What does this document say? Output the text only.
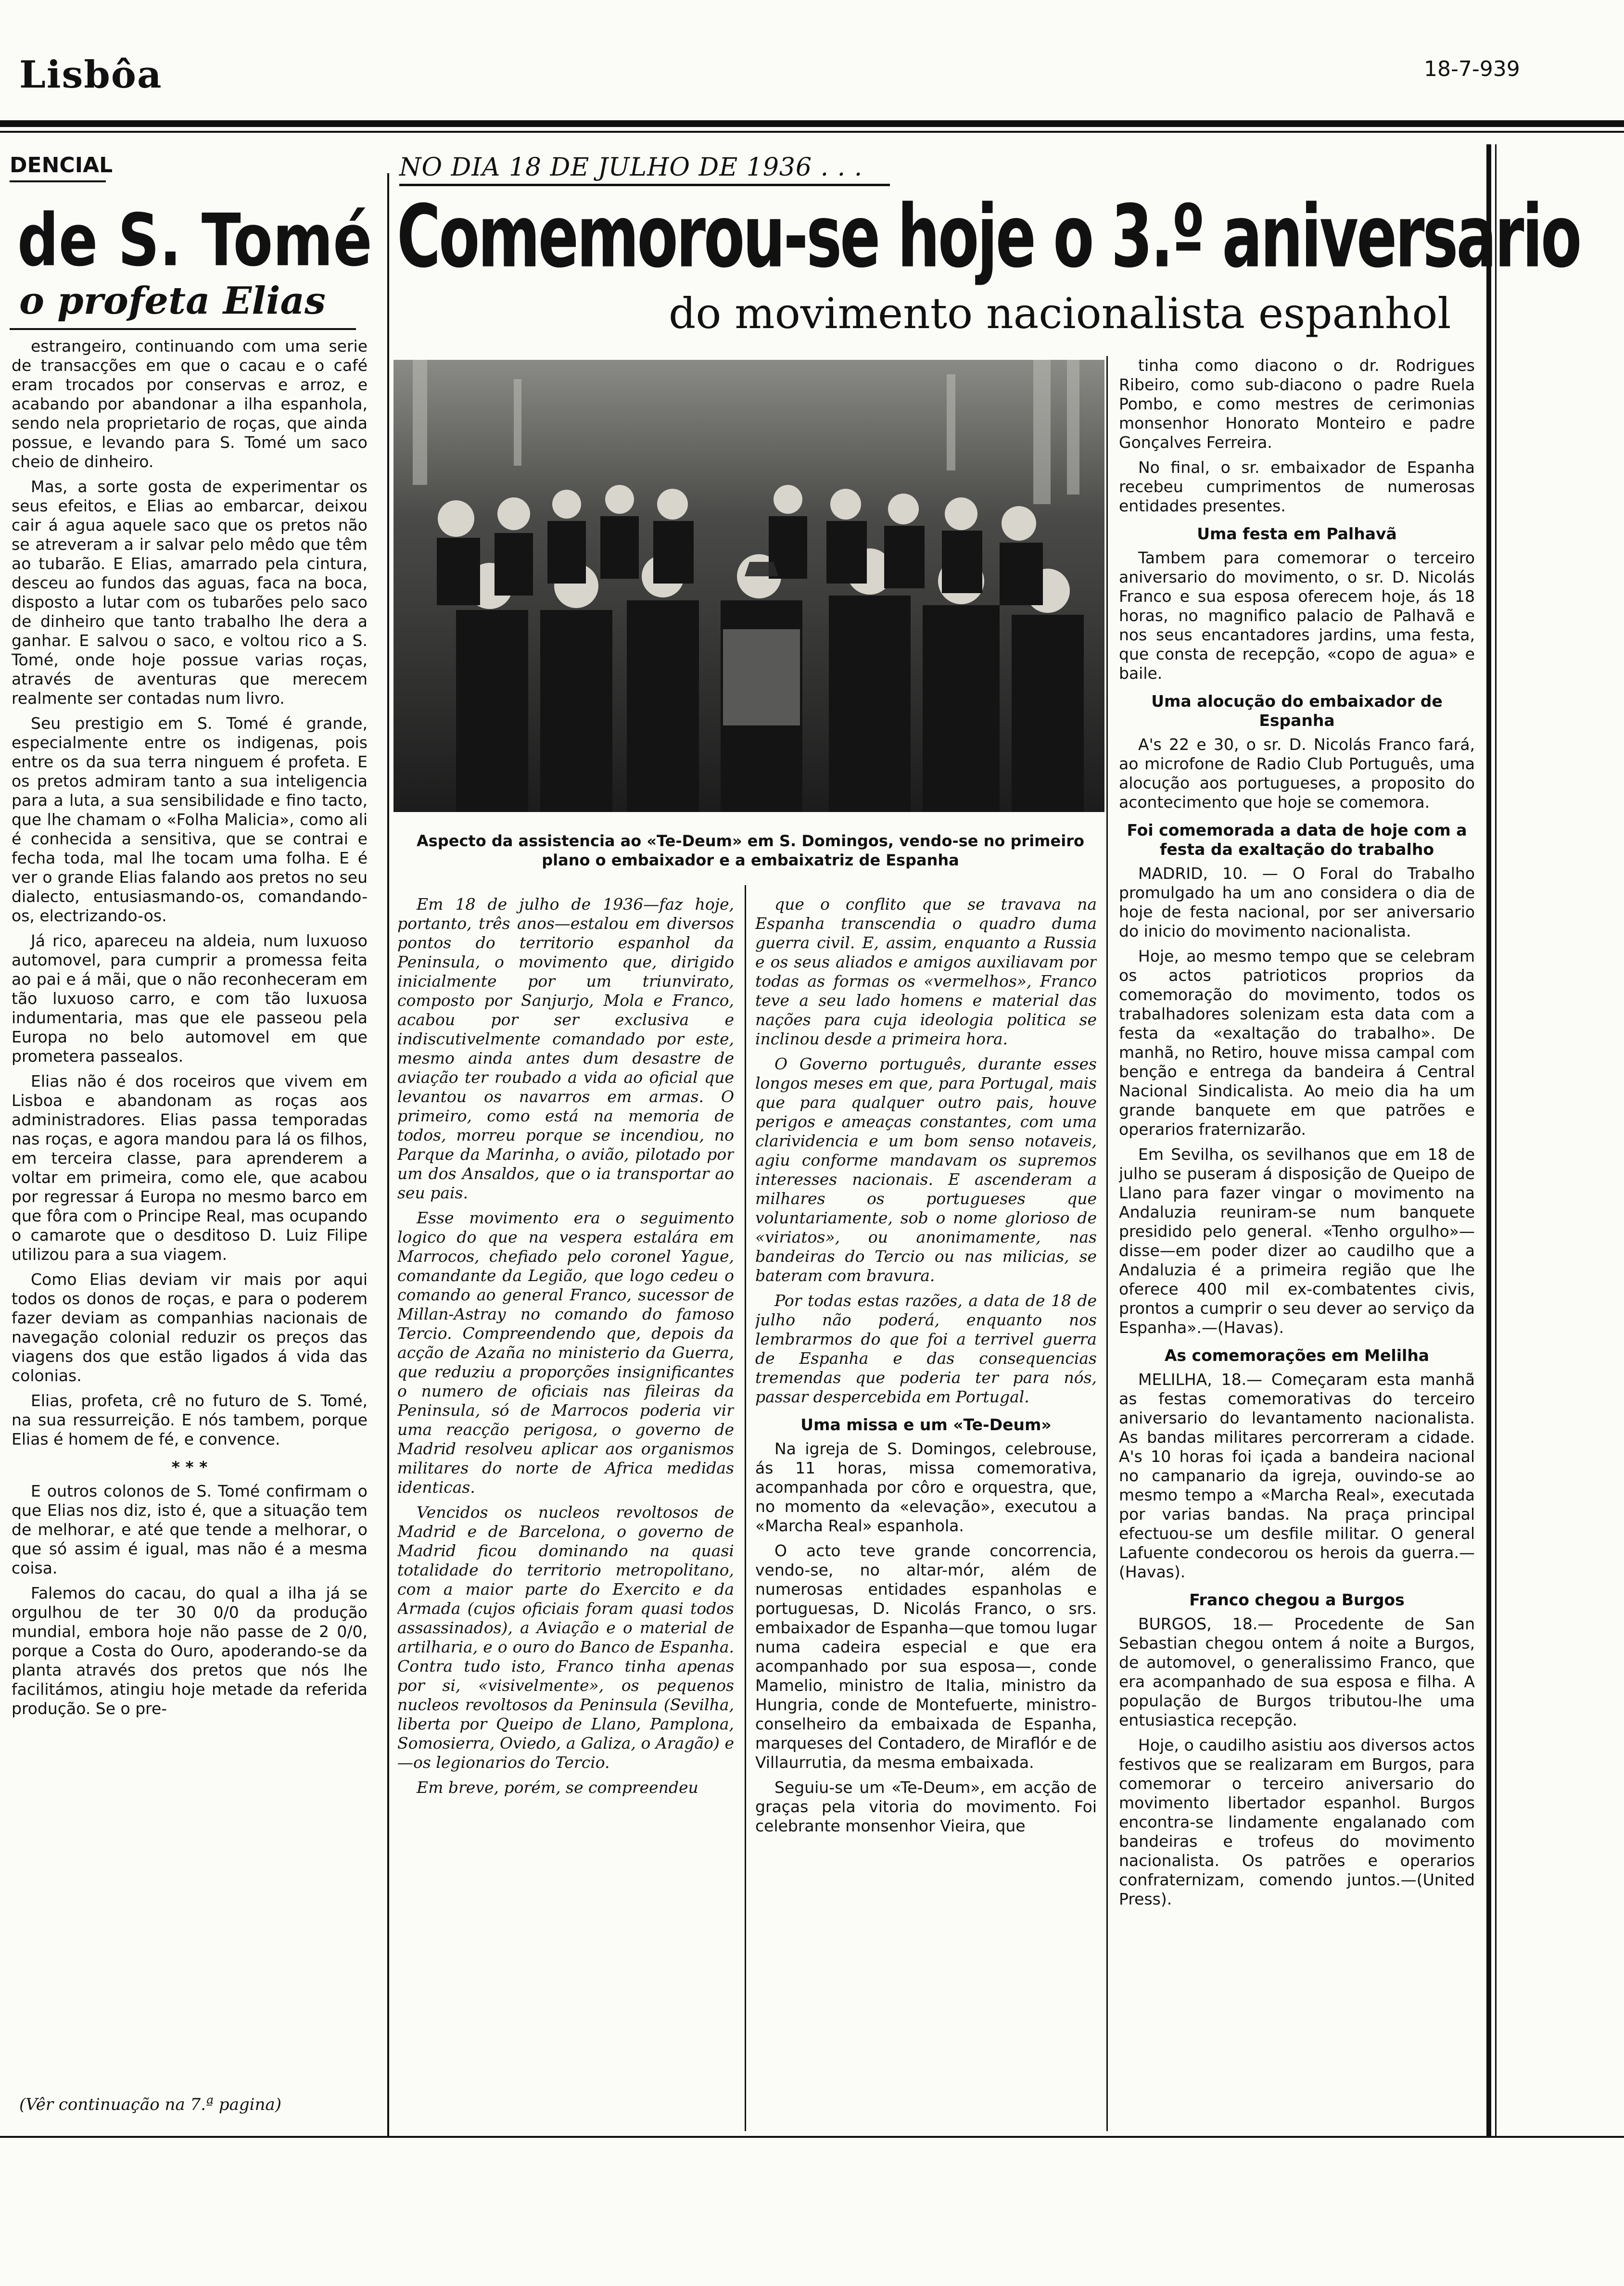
Lisbôa	18-7-939
DENCIAL
de S. Tomé
o profeta Elias

estrangeiro, continuando com uma serie de transacções em que o cacau e o café eram trocados por conservas e arroz, e acabando por abandonar a ilha espanhola, sendo nela proprietario de roças, que ainda possue, e levando para S. Tomé um saco cheio de dinheiro.

Mas, a sorte gosta de experimentar os seus efeitos, e Elias ao embarcar, deixou cair á agua aquele saco que os pretos não se atreveram a ir salvar pelo mêdo que têm ao tubarão. E Elias, amarrado pela cintura, desceu ao fundos das aguas, faca na boca, disposto a lutar com os tubarões pelo saco de dinheiro que tanto trabalho lhe dera a ganhar. E salvou o saco, e voltou rico a S. Tomé, onde hoje possue varias roças, através de aventuras que merecem realmente ser contadas num livro.

Seu prestigio em S. Tomé é grande, especialmente entre os indigenas, pois entre os da sua terra ninguem é profeta. E os pretos admiram tanto a sua inteligencia para a luta, a sua sensibilidade e fino tacto, que lhe chamam o «Folha Malicia», como ali é conhecida a sensitiva, que se contrai e fecha toda, mal lhe tocam uma folha. E é ver o grande Elias falando aos pretos no seu dialecto, entusiasmando-os, comandando-os, electrizando-os.

Já rico, apareceu na aldeia, num luxuoso automovel, para cumprir a promessa feita ao pai e á mãi, que o não reconheceram em tão luxuoso carro, e com tão luxuosa indumentaria, mas que ele passeou pela Europa no belo automovel em que prometera passealos.

Elias não é dos roceiros que vivem em Lisboa e abandonam as roças aos administradores. Elias passa temporadas nas roças, e agora mandou para lá os filhos, em terceira classe, para aprenderem a voltar em primeira, como ele, que acabou por regressar á Europa no mesmo barco em que fôra com o Principe Real, mas ocupando o camarote que o desditoso D. Luiz Filipe utilizou para a sua viagem.

Como Elias deviam vir mais por aqui todos os donos de roças, e para o poderem fazer deviam as companhias nacionais de navegação colonial reduzir os preços das viagens dos que estão ligados á vida das colonias.

Elias, profeta, crê no futuro de S. Tomé, na sua ressurreição. E nós tambem, porque Elias é homem de fé, e convence.

* * *

E outros colonos de S. Tomé confirmam o que Elias nos diz, isto é, que a situação tem de melhorar, e até que tende a melhorar, o que só assim é igual, mas não é a mesma coisa.

Falemos do cacau, do qual a ilha já se orgulhou de ter 30 0/0 da produção mundial, embora hoje não passe de 2 0/0, porque a Costa do Ouro, apoderando-se da planta através dos pretos que nós lhe facilitámos, atingiu hoje metade da referida produção. Se o pre-

(Vêr continuação na 7.ª pagina)
NO DIA 18 DE JULHO DE 1936 . . .
Comemorou-se hoje o 3.º aniversario
do movimento nacionalista espanhol
Aspecto da assistencia ao «Te-Deum» em S. Domingos, vendo-se no primeiro plano o embaixador e a embaixatriz de Espanha

Em 18 de julho de 1936—faz hoje, portanto, três anos—estalou em diversos pontos do territorio espanhol da Peninsula, o movimento que, dirigido inicialmente por um triunvirato, composto por Sanjurjo, Mola e Franco, acabou por ser exclusiva e indiscutivelmente comandado por este, mesmo ainda antes dum desastre de aviação ter roubado a vida ao oficial que levantou os navarros em armas. O primeiro, como está na memoria de todos, morreu porque se incendiou, no Parque da Marinha, o avião, pilotado por um dos Ansaldos, que o ia transportar ao seu pais.

Esse movimento era o seguimento logico do que na vespera estalára em Marrocos, chefiado pelo coronel Yague, comandante da Legião, que logo cedeu o comando ao general Franco, sucessor de Millan-Astray no comando do famoso Tercio. Compreendendo que, depois da acção de Azaña no ministerio da Guerra, que reduziu a proporções insignificantes o numero de oficiais nas fileiras da Peninsula, só de Marrocos poderia vir uma reacção perigosa, o governo de Madrid resolveu aplicar aos organismos militares do norte de Africa medidas identicas.

Vencidos os nucleos revoltosos de Madrid e de Barcelona, o governo de Madrid ficou dominando na quasi totalidade do territorio metropolitano, com a maior parte do Exercito e da Armada (cujos oficiais foram quasi todos assassinados), a Aviação e o material de artilharia, e o ouro do Banco de Espanha. Contra tudo isto, Franco tinha apenas por si, «visivelmente», os pequenos nucleos revoltosos da Peninsula (Sevilha, liberta por Queipo de Llano, Pamplona, Somosierra, Oviedo, a Galiza, o Aragão) e—os legionarios do Tercio.

Em breve, porém, se compreendeu

que o conflito que se travava na Espanha transcendia o quadro duma guerra civil. E, assim, enquanto a Russia e os seus aliados e amigos auxiliavam por todas as formas os «vermelhos», Franco teve a seu lado homens e material das nações para cuja ideologia politica se inclinou desde a primeira hora.

O Governo português, durante esses longos meses em que, para Portugal, mais que para qualquer outro pais, houve perigos e ameaças constantes, com uma clarividencia e um bom senso notaveis, agiu conforme mandavam os supremos interesses nacionais. E ascenderam a milhares os portugueses que voluntariamente, sob o nome glorioso de «viriatos», ou anonimamente, nas bandeiras do Tercio ou nas milicias, se bateram com bravura.

Por todas estas razões, a data de 18 de julho não poderá, enquanto nos lembrarmos do que foi a terrivel guerra de Espanha e das consequencias tremendas que poderia ter para nós, passar despercebida em Portugal.

Uma missa e um «Te-Deum»

Na igreja de S. Domingos, celebrouse, ás 11 horas, missa comemorativa, acompanhada por côro e orquestra, que, no momento da «elevação», executou a «Marcha Real» espanhola.

O acto teve grande concorrencia, vendo-se, no altar-mór, além de numerosas entidades espanholas e portuguesas, D. Nicolás Franco, o srs. embaixador de Espanha—que tomou lugar numa cadeira especial e que era acompanhado por sua esposa—, conde Mamelio, ministro de Italia, ministro da Hungria, conde de Montefuerte, ministro-conselheiro da embaixada de Espanha, marqueses del Contadero, de Miraflór e de Villaurrutia, da mesma embaixada.

Seguiu-se um «Te-Deum», em acção de graças pela vitoria do movimento. Foi celebrante monsenhor Vieira, que

tinha como diacono o dr. Rodrigues Ribeiro, como sub-diacono o padre Ruela Pombo, e como mestres de cerimonias monsenhor Honorato Monteiro e padre Gonçalves Ferreira.

No final, o sr. embaixador de Espanha recebeu cumprimentos de numerosas entidades presentes.

Uma festa em Palhavã

Tambem para comemorar o terceiro aniversario do movimento, o sr. D. Nicolás Franco e sua esposa oferecem hoje, ás 18 horas, no magnifico palacio de Palhavã e nos seus encantadores jardins, uma festa, que consta de recepção, «copo de agua» e baile.

Uma alocução do embaixador de Espanha

A's 22 e 30, o sr. D. Nicolás Franco fará, ao microfone de Radio Club Português, uma alocução aos portugueses, a proposito do acontecimento que hoje se comemora.

Foi comemorada a data de hoje com a festa da exaltação do trabalho

MADRID, 10. — O Foral do Trabalho promulgado ha um ano considera o dia de hoje de festa nacional, por ser aniversario do inicio do movimento nacionalista.

Hoje, ao mesmo tempo que se celebram os actos patrioticos proprios da comemoração do movimento, todos os trabalhadores solenizam esta data com a festa da «exaltação do trabalho». De manhã, no Retiro, houve missa campal com benção e entrega da bandeira á Central Nacional Sindicalista. Ao meio dia ha um grande banquete em que patrões e operarios fraternizarão.

Em Sevilha, os sevilhanos que em 18 de julho se puseram á disposição de Queipo de Llano para fazer vingar o movimento na Andaluzia reuniram-se num banquete presidido pelo general. «Tenho orgulho»—disse—em poder dizer ao caudilho que a Andaluzia é a primeira região que lhe oferece 400 mil ex-combatentes civis, prontos a cumprir o seu dever ao serviço da Espanha».—(Havas).

As comemorações em Melilha

MELILHA, 18.— Começaram esta manhã as festas comemorativas do terceiro aniversario do levantamento nacionalista. As bandas militares percorreram a cidade. A's 10 horas foi içada a bandeira nacional no campanario da igreja, ouvindo-se ao mesmo tempo a «Marcha Real», executada por varias bandas. Na praça principal efectuou-se um desfile militar. O general Lafuente condecorou os herois da guerra.—(Havas).

Franco chegou a Burgos

BURGOS, 18.— Procedente de San Sebastian chegou ontem á noite a Burgos, de automovel, o generalissimo Franco, que era acompanhado de sua esposa e filha. A população de Burgos tributou-lhe uma entusiastica recepção.

Hoje, o caudilho asistiu aos diversos actos festivos que se realizaram em Burgos, para comemorar o terceiro aniversario do movimento libertador espanhol. Burgos encontra-se lindamente engalanado com bandeiras e trofeus do movimento nacionalista. Os patrões e operarios confraternizam, comendo juntos.—(United Press).
